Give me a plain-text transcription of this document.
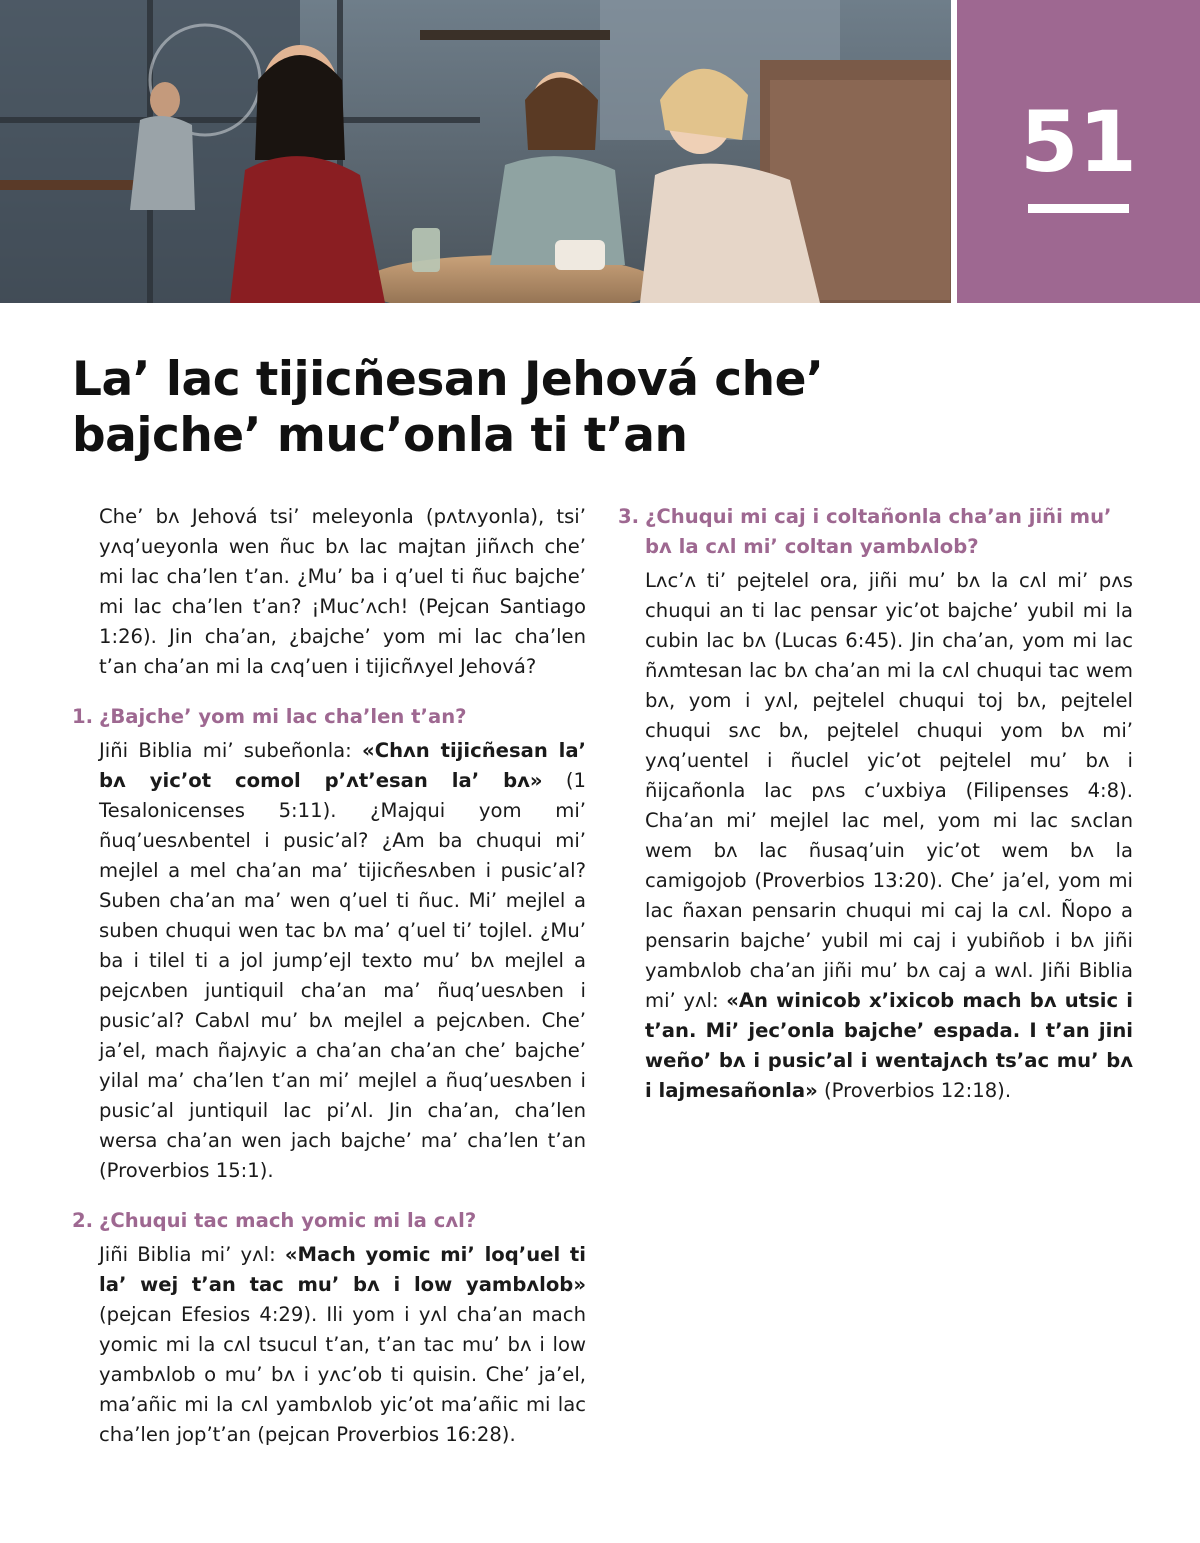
51
La’ lac tijicñesan Jehová che’ bajche’ muc’onla ti t’an

Che’ bʌ Jehová tsi’ meleyonla (pʌtʌyonla), tsi’ yʌq’ueyonla wen ñuc bʌ lac majtan jiñʌch che’ mi lac cha’len t’an. ¿Mu’ ba i q’uel ti ñuc bajche’ mi lac cha’len t’an? ¡Muc’ʌch! (Pejcan Santiago 1:26). Jin cha’an, ¿bajche’ yom mi lac cha’len t’an cha’an mi la cʌq’uen i tijicñʌyel Jehová?

1. ¿Bajche’ yom mi lac cha’len t’an?

Jiñi Biblia mi’ subeñonla: «Chʌn tijicñesan la’ bʌ yic’ot comol p’ʌt’esan la’ bʌ» (1 Tesalonicenses 5:11). ¿Majqui yom mi’ ñuq’uesʌbentel i pusic’al? ¿Am ba chuqui mi’ mejlel a mel cha’an ma’ tijicñesʌben i pusic’al? Suben cha’an ma’ wen q’uel ti ñuc. Mi’ mejlel a suben chuqui wen tac bʌ ma’ q’uel ti’ tojlel. ¿Mu’ ba i tilel ti a jol jump’ejl texto mu’ bʌ mejlel a pejcʌben juntiquil cha’an ma’ ñuq’uesʌben i pusic’al? Cabʌl mu’ bʌ mejlel a pejcʌben. Che’ ja’el, mach ñajʌyic a cha’an cha’an che’ bajche’ yilal ma’ cha’len t’an mi’ mejlel a ñuq’uesʌben i pusic’al juntiquil lac pi’ʌl. Jin cha’an, cha’len wersa cha’an wen jach bajche’ ma’ cha’len t’an (Proverbios 15:1).

2. ¿Chuqui tac mach yomic mi la cʌl?

Jiñi Biblia mi’ yʌl: «Mach yomic mi’ loq’uel ti la’ wej t’an tac mu’ bʌ i low yambʌlob» (pejcan Efesios 4:29). Ili yom i yʌl cha’an mach yomic mi la cʌl tsucul t’an, t’an tac mu’ bʌ i low yambʌlob o mu’ bʌ i yʌc’ob ti quisin. Che’ ja’el, ma’añic mi la cʌl yambʌlob yic’ot ma’añic mi lac cha’len jop’t’an (pejcan Proverbios 16:28).

3. ¿Chuqui mi caj i coltañonla cha’an jiñi mu’ bʌ la cʌl mi’ coltan yambʌlob?

Lʌc’ʌ ti’ pejtelel ora, jiñi mu’ bʌ la cʌl mi’ pʌs chuqui an ti lac pensar yic’ot bajche’ yubil mi la cubin lac bʌ (Lucas 6:45). Jin cha’an, yom mi lac ñʌmtesan lac bʌ cha’an mi la cʌl chuqui tac wem bʌ, yom i yʌl, pejtelel chuqui toj bʌ, pejtelel chuqui sʌc bʌ, pejtelel chuqui yom bʌ mi’ yʌq’uentel i ñuclel yic’ot pejtelel mu’ bʌ i ñijcañonla lac pʌs c’uxbiya (Filipenses 4:8). Cha’an mi’ mejlel lac mel, yom mi lac sʌclan wem bʌ lac ñusaq’uin yic’ot wem bʌ la camigojob (Proverbios 13:20). Che’ ja’el, yom mi lac ñaxan pensarin chuqui mi caj la cʌl. Ñopo a pensarin bajche’ yubil mi caj i yubiñob i bʌ jiñi yambʌlob cha’an jiñi mu’ bʌ caj a wʌl. Jiñi Biblia mi’ yʌl: «An winicob x’ixicob mach bʌ utsic i t’an. Mi’ jec’onla bajche’ espada. I t’an jini weño’ bʌ i pusic’al i wentajʌch ts’ac mu’ bʌ i lajmesañonla» (Proverbios 12:18).
